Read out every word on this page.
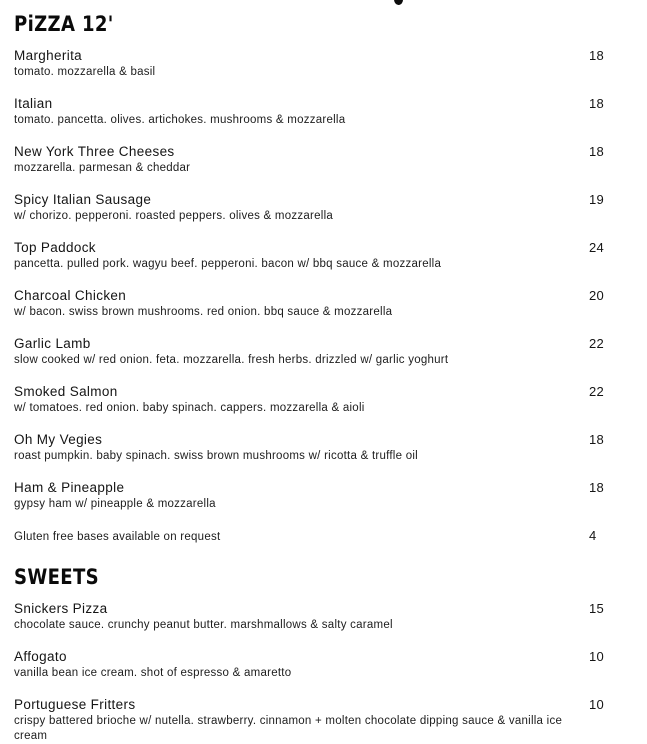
PiZZA 12'
Margherita	18
tomato. mozzarella & basil
Italian	18
tomato. pancetta. olives. artichokes. mushrooms & mozzarella
New York Three Cheeses	18
mozzarella. parmesan & cheddar
Spicy Italian Sausage	19
w/ chorizo. pepperoni. roasted peppers. olives & mozzarella
Top Paddock	24
pancetta. pulled pork. wagyu beef. pepperoni. bacon w/ bbq sauce & mozzarella
Charcoal Chicken	20
w/ bacon. swiss brown mushrooms. red onion. bbq sauce & mozzarella
Garlic Lamb	22
slow cooked w/ red onion. feta. mozzarella. fresh herbs. drizzled w/ garlic yoghurt
Smoked Salmon	22
w/ tomatoes. red onion. baby spinach. cappers. mozzarella & aioli
Oh My Vegies	18
roast pumpkin. baby spinach. swiss brown mushrooms w/ ricotta & truffle oil
Ham & Pineapple	18
gypsy ham w/ pineapple & mozzarella
Gluten free bases available on request	4
SWEETS
Snickers Pizza	15
chocolate sauce. crunchy peanut butter. marshmallows & salty caramel
Affogato	10
vanilla bean ice cream. shot of espresso & amaretto
Portuguese Fritters	10
crispy battered brioche w/ nutella. strawberry. cinnamon + molten chocolate dipping sauce & vanilla ice cream
